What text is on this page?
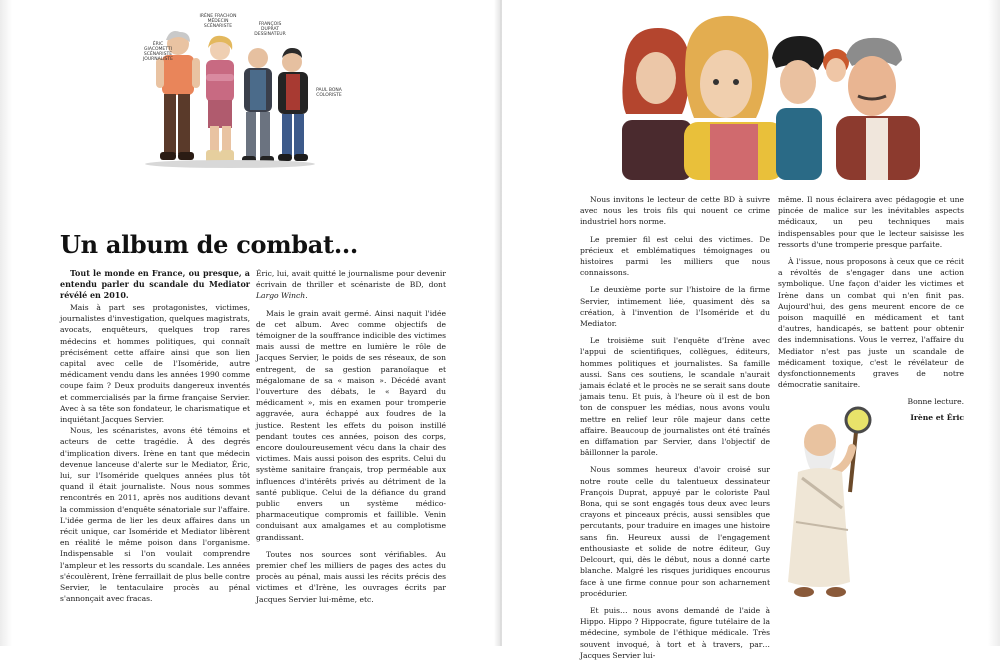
ÉRIC GIACOMETTI SCÉNARISTE JOURNALISTE
IRÈNE FRACHON MÉDECIN SCÉNARISTE	FRANÇOIS DUPRAT DESSINATEUR
PAUL BONA COLORISTE
Un album de combat...

Tout le monde en France, ou presque, a entendu parler du scandale du Mediator révélé en 2010.

Mais à part ses protagonistes, victimes, journalistes d'investigation, quelques magistrats, avocats, enquêteurs, quelques trop rares médecins et hommes politiques, qui connaît précisément cette affaire ainsi que son lien capital avec celle de l'Isoméride, autre médicament vendu dans les années 1990 comme coupe faim ? Deux produits dangereux inventés et commercialisés par la firme française Servier. Avec à sa tête son fondateur, le charismatique et inquiétant Jacques Servier.

Nous, les scénaristes, avons été témoins et acteurs de cette tragédie. À des degrés d'implication divers. Irène en tant que médecin devenue lanceuse d'alerte sur le Mediator, Éric, lui, sur l'Isoméride quelques années plus tôt quand il était journaliste. Nous nous sommes rencontrés en 2011, après nos auditions devant la commission d'enquête sénatoriale sur l'affaire. L'idée germa de lier les deux affaires dans un récit unique, car Isoméride et Mediator libèrent en réalité le même poison dans l'organisme. Indispensable si l'on voulait comprendre l'ampleur et les ressorts du scandale. Les années s'écoulèrent, Irène ferraillait de plus belle contre Servier, le tentaculaire procès au pénal s'annonçait avec fracas.

Éric, lui, avait quitté le journalisme pour devenir écrivain de thriller et scénariste de BD, dont Largo Winch.

Mais le grain avait germé. Ainsi naquit l'idée de cet album. Avec comme objectifs de témoigner de la souffrance indicible des victimes mais aussi de mettre en lumière le rôle de Jacques Servier, le poids de ses réseaux, de son entregent, de sa gestion paranoïaque et mégalomane de sa « maison ». Décédé avant l'ouverture des débats, le « Bayard du médicament », mis en examen pour tromperie aggravée, aura échappé aux foudres de la justice. Restent les effets du poison instillé pendant toutes ces années, poison des corps, encore douloureusement vécu dans la chair des victimes. Mais aussi poison des esprits. Celui du système sanitaire français, trop perméable aux influences d'intérêts privés au détriment de la santé publique. Celui de la défiance du grand public envers un système médico-pharmaceutique compromis et faillible. Venin conduisant aux amalgames et au complotisme grandissant.

Toutes nos sources sont vérifiables. Au premier chef les milliers de pages des actes du procès au pénal, mais aussi les récits précis des victimes et d'Irène, les ouvrages écrits par Jacques Servier lui-même, etc.

Nous invitons le lecteur de cette BD à suivre avec nous les trois fils qui nouent ce crime industriel hors norme.

Le premier fil est celui des victimes. De précieux et emblématiques témoignages ou histoires parmi les milliers que nous connaissons.

Le deuxième porte sur l'histoire de la firme Servier, intimement liée, quasiment dès sa création, à l'invention de l'Isoméride et du Mediator.

Le troisième suit l'enquête d'Irène avec l'appui de scientifiques, collègues, éditeurs, hommes politiques et journalistes. Sa famille aussi. Sans ces soutiens, le scandale n'aurait jamais éclaté et le procès ne se serait sans doute jamais tenu. Et puis, à l'heure où il est de bon ton de conspuer les médias, nous avons voulu mettre en relief leur rôle majeur dans cette affaire. Beaucoup de journalistes ont été traînés en diffamation par Servier, dans l'objectif de bâillonner la parole.

Nous sommes heureux d'avoir croisé sur notre route celle du talentueux dessinateur François Duprat, appuyé par le coloriste Paul Bona, qui se sont engagés tous deux avec leurs crayons et pinceaux précis, aussi sensibles que percutants, pour traduire en images une histoire sans fin. Heureux aussi de l'engagement enthousiaste et solide de notre éditeur, Guy Delcourt, qui, dès le début, nous a donné carte blanche. Malgré les risques juridiques encourus face à une firme connue pour son acharnement procédurier.

Et puis… nous avons demandé de l'aide à Hippo. Hippo ? Hippocrate, figure tutélaire de la médecine, symbole de l'éthique médicale. Très souvent invoqué, à tort et à travers, par… Jacques Servier lui-

même. Il nous éclairera avec pédagogie et une pincée de malice sur les inévitables aspects médicaux, un peu techniques mais indispensables pour que le lecteur saisisse les ressorts d'une tromperie presque parfaite.

À l'issue, nous proposons à ceux que ce récit a révoltés de s'engager dans une action symbolique. Une façon d'aider les victimes et Irène dans un combat qui n'en finit pas. Aujourd'hui, des gens meurent encore de ce poison maquillé en médicament et tant d'autres, handicapés, se battent pour obtenir des indemnisations. Vous le verrez, l'affaire du Mediator n'est pas juste un scandale de médicament toxique, c'est le révélateur de dysfonctionnements graves de notre démocratie sanitaire.

Bonne lecture.

Irène et Éric
